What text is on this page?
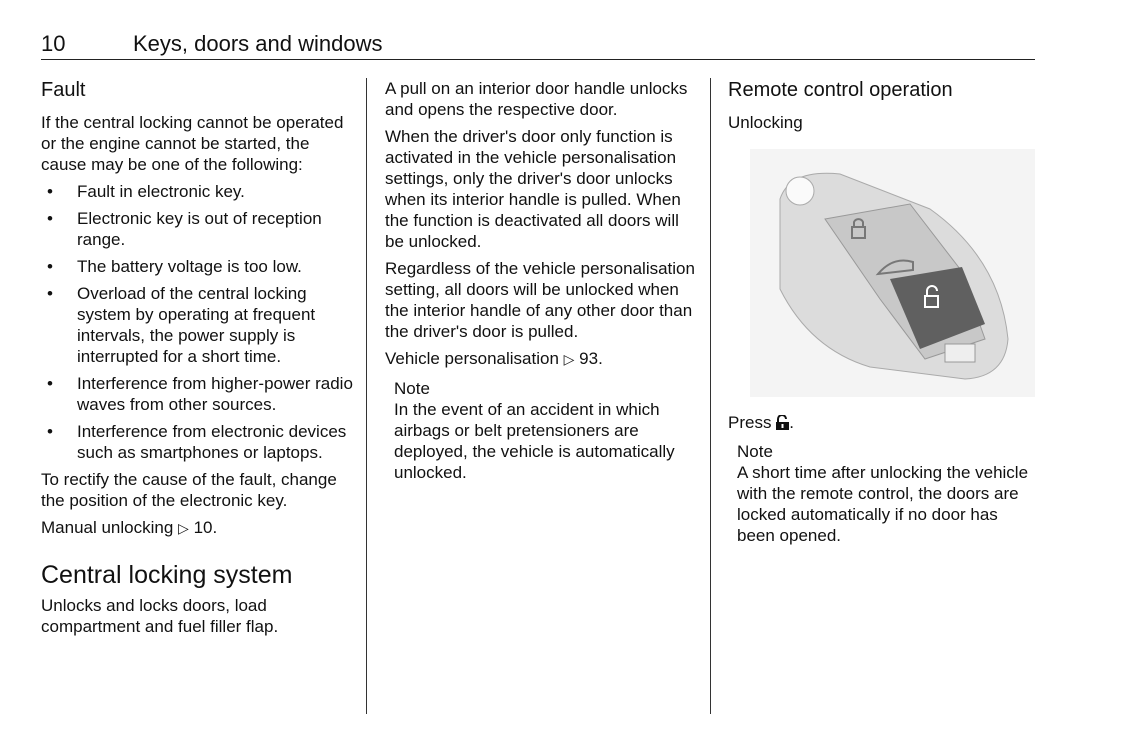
10	Keys, doors and windows
Fault

If the central locking cannot be operated or the engine cannot be started, the cause may be one of the following:

• Fault in electronic key.
• Electronic key is out of reception range.
• The battery voltage is too low.
• Overload of the central locking system by operating at frequent intervals, the power supply is interrupted for a short time.
• Interference from higher-power radio waves from other sources.
• Interference from electronic devices such as smartphones or laptops.

To rectify the cause of the fault, change the position of the electronic key.

Manual unlocking ▷ 10.

Central locking system

Unlocks and locks doors, load compartment and fuel filler flap.

A pull on an interior door handle unlocks and opens the respective door.

When the driver's door only function is activated in the vehicle personalisation settings, only the driver's door unlocks when its interior handle is pulled. When the function is deactivated all doors will be unlocked.

Regardless of the vehicle personalisation setting, all doors will be unlocked when the interior handle of any other door than the driver's door is pulled.

Vehicle personalisation ▷ 93.

Note
In the event of an accident in which airbags or belt pretensioners are deployed, the vehicle is automatically unlocked.
Remote control operation
Unlocking

Press .

Note
A short time after unlocking the vehicle with the remote control, the doors are locked automatically if no door has been opened.
